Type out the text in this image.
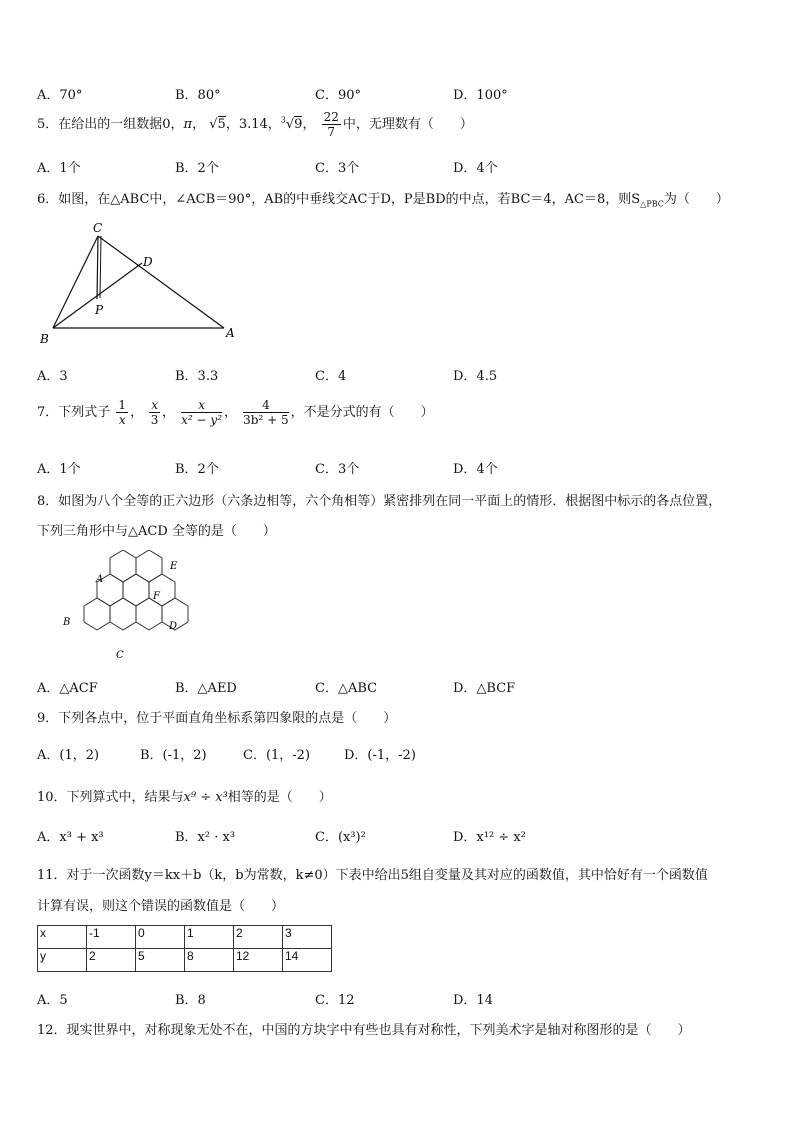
A．70°	B．80°	C．90°	D．100°
5．在给出的一组数据0，π， √5，3.14，$^3$√9， $\frac{22}{7}$ 中，无理数有（　　）
A．1个	B．2个	C．3个	D．4个
6．如图，在△ABC中，∠ACB＝90°，AB的中垂线交AC于D，P是BD的中点，若BC＝4，AC＝8，则$S_{\triangle PBC}$为（　　）
C
D
P
B	A
A．3	B．3.3	C．4	D．4.5
7．下列式子 $\frac{1}{x}$ ， $\frac{x}{3}$ ， $\frac{x}{\text{x² − y²}}$ ， $\frac{4}{\text{3b² + 5}}$ ，不是分式的有（　　）
A．1个	B．2个	C．3个	D．4个
8．如图为八个全等的正六边形（六条边相等，六个角相等）紧密排列在同一平面上的情形．根据图中标示的各点位置，
下列三角形中与△ACD 全等的是（　　）
A
E
F
B	D
C
A．△ACF	B．△AED	C．△ABC	D．△BCF
9．下列各点中，位于平面直角坐标系第四象限的点是（　　）
A．(1，2)	B．(-1，2)	C．(1，-2)	D．(-1，-2)
10．下列算式中，结果与x⁹ ÷ x³相等的是（　　）
A．x³ + x³	B．x² · x³	C．(x³)²	D．x¹² ÷ x²
11．对于一次函数y＝kx＋b（k，b为常数，k≠0）下表中给出5组自变量及其对应的函数值，其中恰好有一个函数值
计算有误，则这个错误的函数值是（　　）
x	-1	0	1	2	3
y	2	5	8	12	14
A．5	B．8	C．12	D．14
12．现实世界中，对称现象无处不在，中国的方块字中有些也具有对称性，下列美术字是轴对称图形的是（　　）
